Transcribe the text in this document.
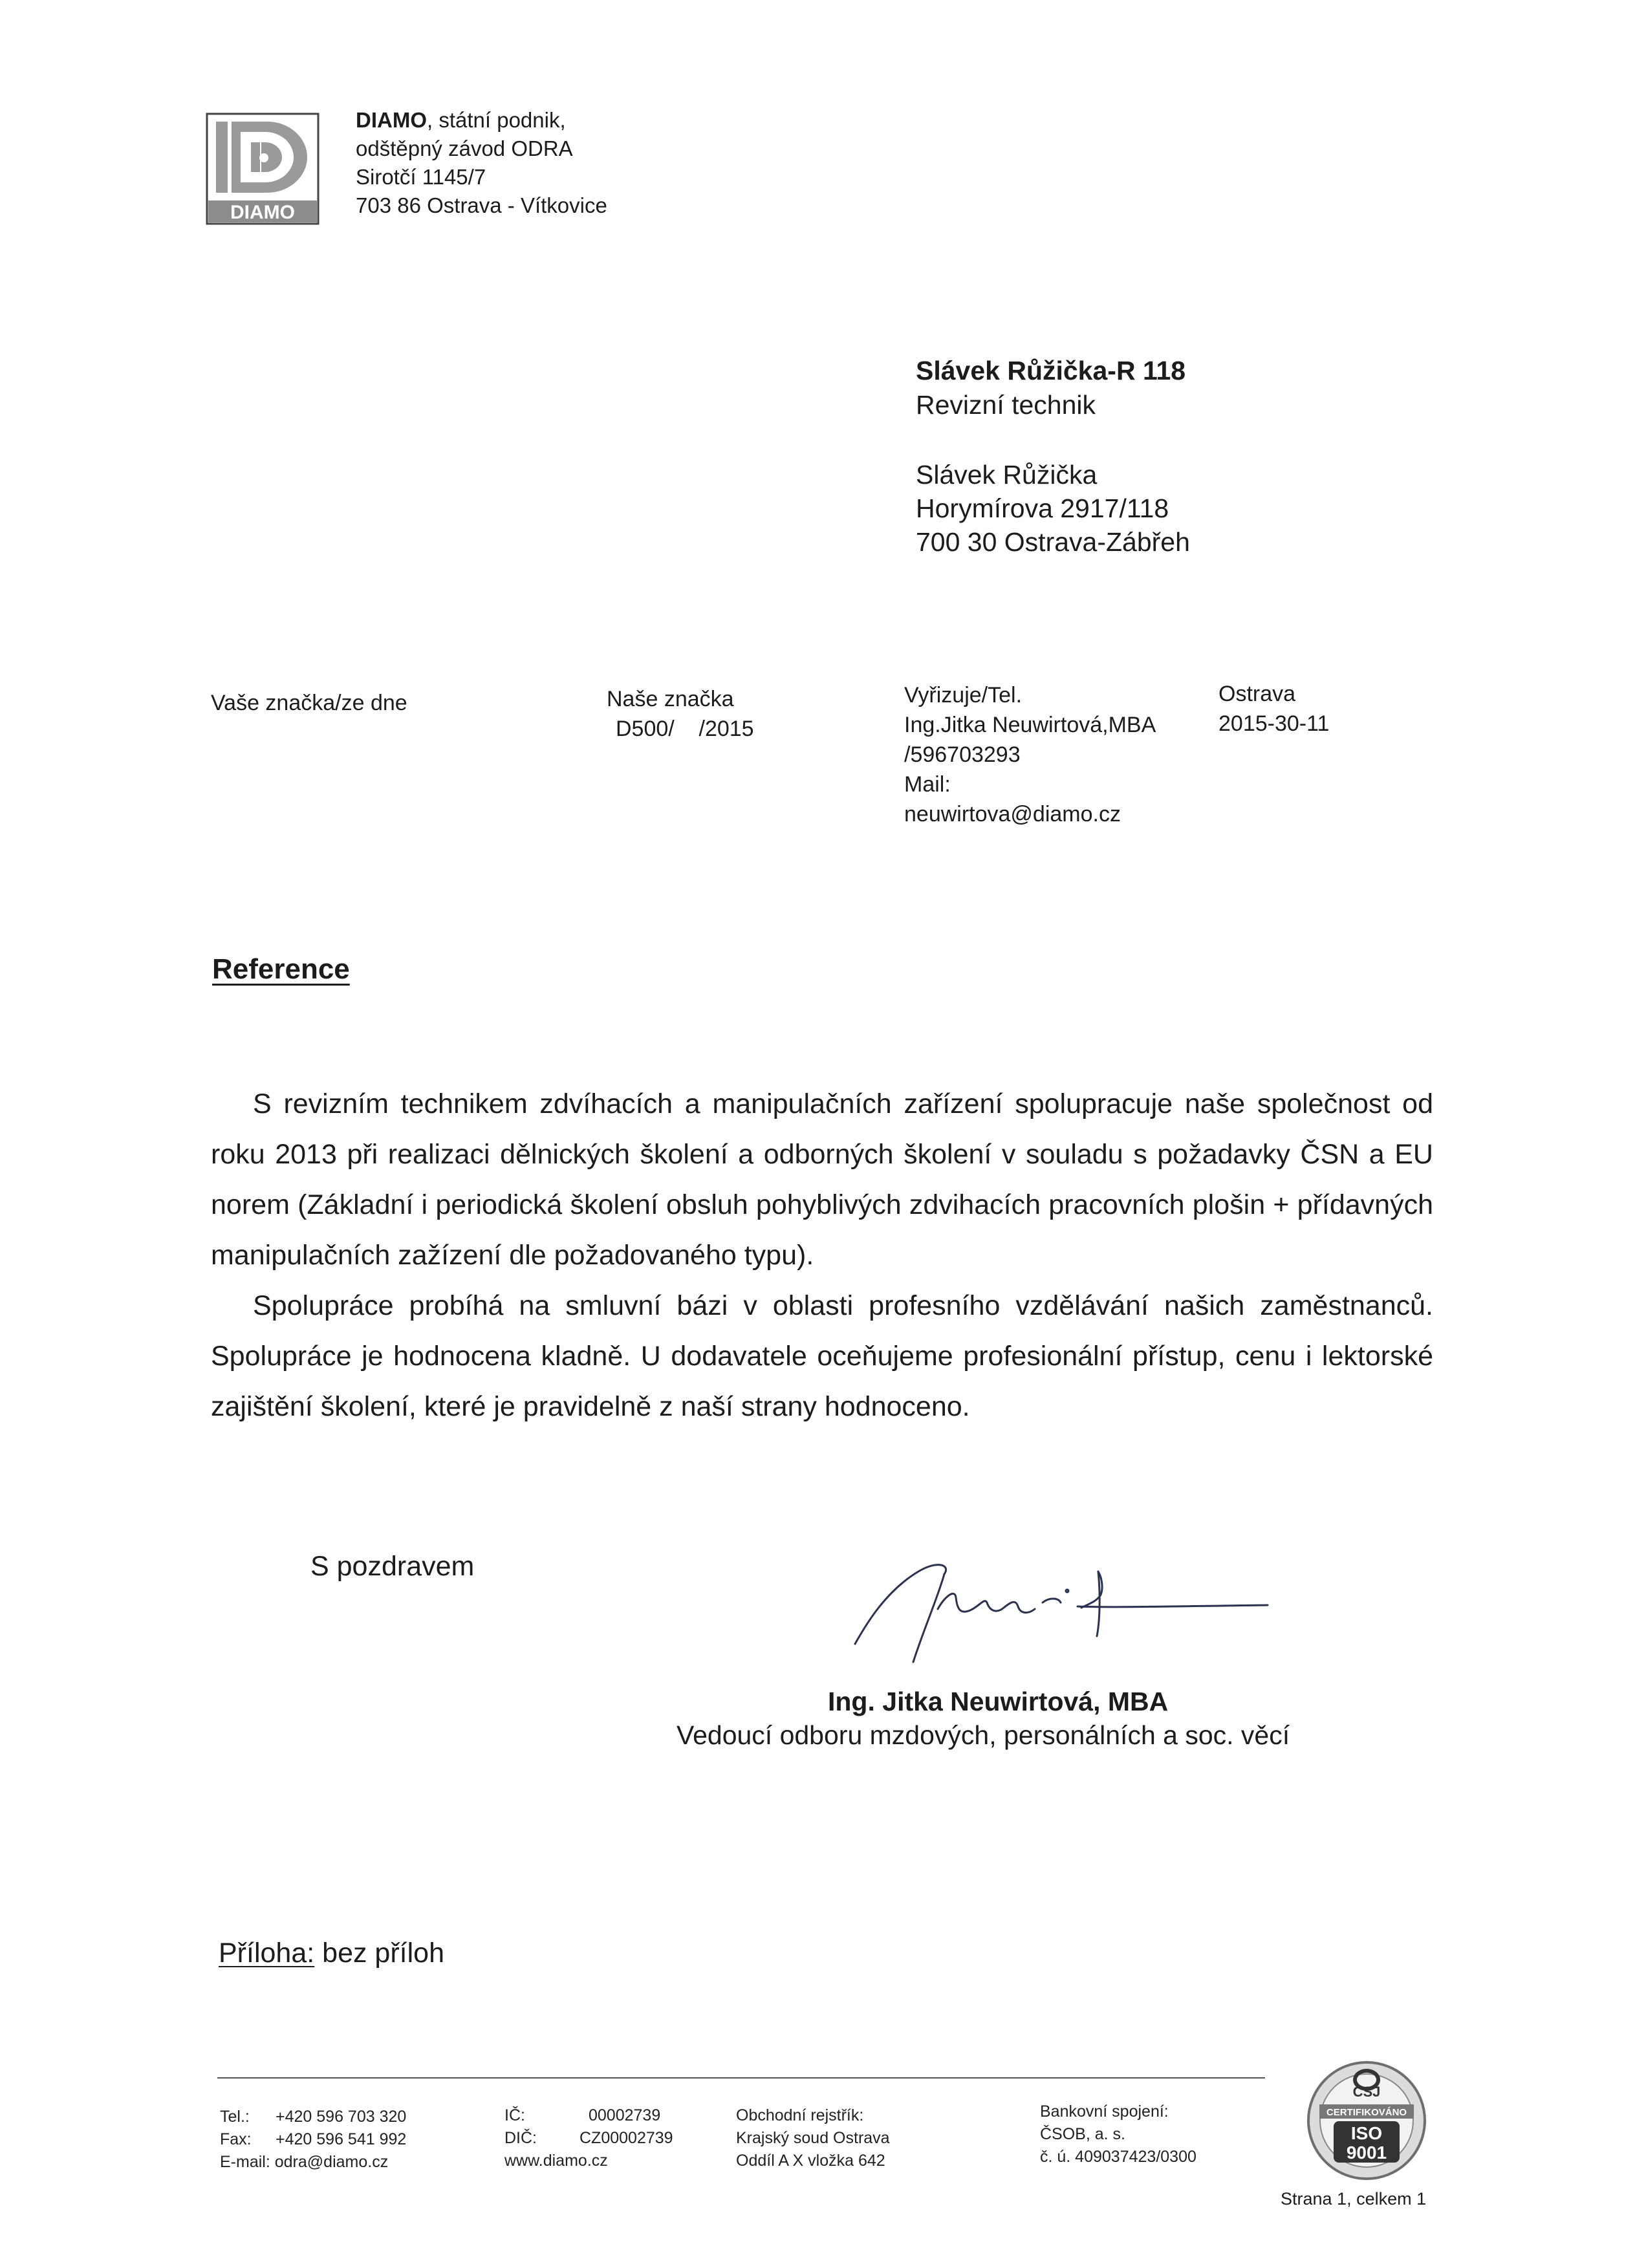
DIAMO
DIAMO, státní podnik,
odštěpný závod ODRA
Sirotčí 1145/7
703 86 Ostrava - Vítkovice
Slávek Růžička-R 118
Revizní technik
Slávek Růžička
Horymírova 2917/118
700 30 Ostrava-Zábřeh
Vaše značka/ze dne	Naše značka
D500/    /2015
Vyřizuje/Tel.
Ing.Jitka Neuwirtová,MBA
/596703293
Mail:
neuwirtova@diamo.cz
Ostrava
2015-30-11
Reference

S revizním technikem zdvíhacích a manipulačních zařízení spolupracuje naše společnost od roku 2013 při realizaci dělnických školení a odborných školení v souladu s požadavky ČSN a EU norem (Základní i periodická školení obsluh pohyblivých zdvihacích pracovních plošin + přídavných manipulačních zažízení dle požadovaného typu).

Spolupráce probíhá na smluvní bázi v oblasti profesního vzdělávání našich zaměstnanců. Spolupráce je hodnocena kladně. U dodavatele oceňujeme profesionální přístup, cenu i lektorské zajištění školení, které je pravidelně z naší strany hodnoceno.

S pozdravem
Ing. Jitka Neuwirtová, MBA
Vedoucí odboru mzdových, personálních a soc. věcí
Příloha: bez příloh
Tel.: +420 596 703 320
Fax: +420 596 541 992
E-mail: odra@diamo.cz
IČ:	00002739
DIČ:	CZ00002739
www.diamo.cz
Obchodní rejstřík:
Krajský soud Ostrava
Oddíl A X vložka 642
Bankovní spojení:
ČSOB, a. s.
č. ú. 409037423/0300
CSJ
CERTIFIKOVÁNO
ISO
9001
Strana 1, celkem 1
